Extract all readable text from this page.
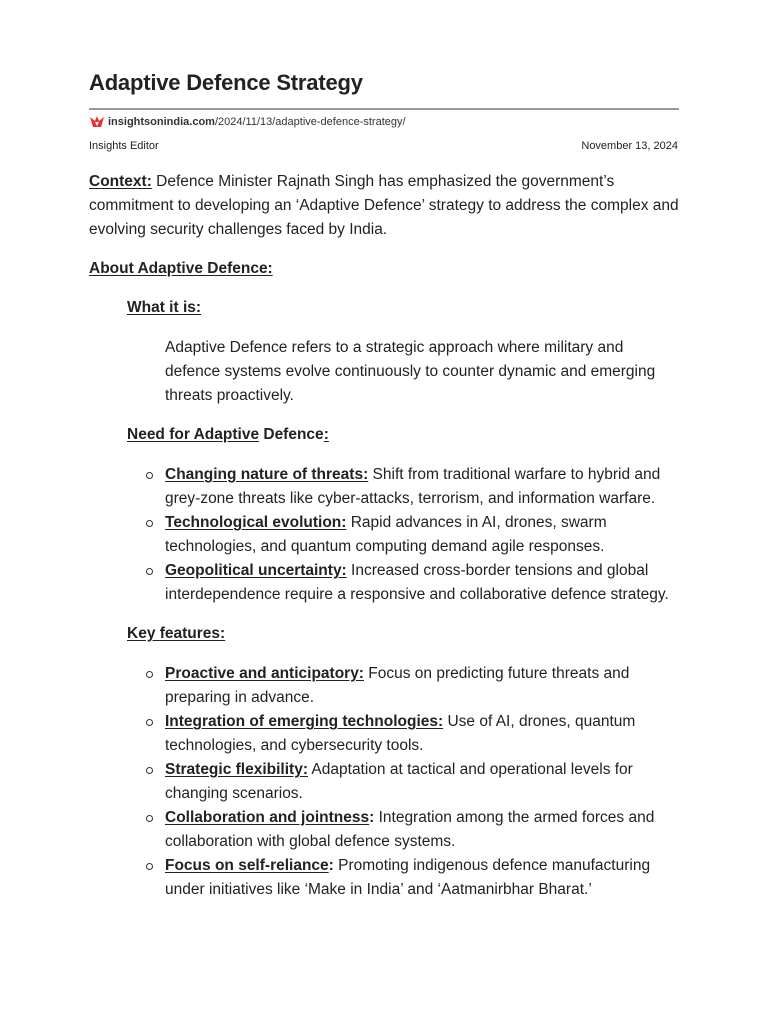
Adaptive Defence Strategy
insightsonindia.com/2024/11/13/adaptive-defence-strategy/
Insights Editor	November 13, 2024

Context: Defence Minister Rajnath Singh has emphasized the government’s commitment to developing an ‘Adaptive Defence’ strategy to address the complex and evolving security challenges faced by India.

About Adaptive Defence:

What it is:

Adaptive Defence refers to a strategic approach where military and defence systems evolve continuously to counter dynamic and emerging threats proactively.

Need for Adaptive Defence:

Changing nature of threats: Shift from traditional warfare to hybrid and grey-zone threats like cyber-attacks, terrorism, and information warfare.
Technological evolution: Rapid advances in AI, drones, swarm technologies, and quantum computing demand agile responses.
Geopolitical uncertainty: Increased cross-border tensions and global interdependence require a responsive and collaborative defence strategy.

Key features:

Proactive and anticipatory: Focus on predicting future threats and preparing in advance.
Integration of emerging technologies: Use of AI, drones, quantum technologies, and cybersecurity tools.
Strategic flexibility: Adaptation at tactical and operational levels for changing scenarios.
Collaboration and jointness: Integration among the armed forces and collaboration with global defence systems.
Focus on self-reliance: Promoting indigenous defence manufacturing under initiatives like ‘Make in India’ and ‘Aatmanirbhar Bharat.’
